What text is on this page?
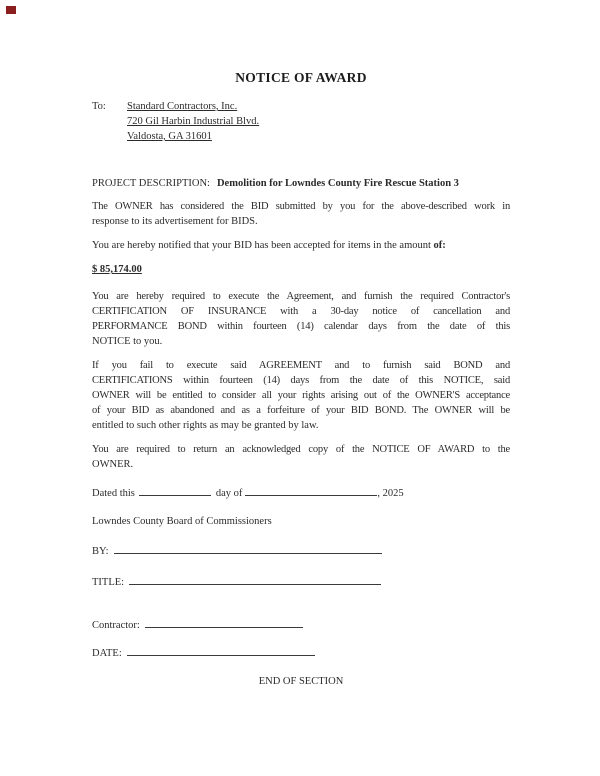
NOTICE OF AWARD
To:	Standard Contractors, Inc.
720 Gil Harbin Industrial Blvd.
Valdosta, GA 31601
PROJECT DESCRIPTION: Demolition for Lowndes County Fire Rescue Station 3
The OWNER has considered the BID submitted by you for the above-described work in
response to its advertisement for BIDS.
You are hereby notified that your BID has been accepted for items in the amount of:
$ 85,174.00
You are hereby required to execute the Agreement, and furnish the required Contractor's
CERTIFICATION OF INSURANCE with a 30-day notice of cancellation and
PERFORMANCE BOND within fourteen (14) calendar days from the date of this
NOTICE to you.
If you fail to execute said AGREEMENT and to furnish said BOND and
CERTIFICATIONS within fourteen (14) days from the date of this NOTICE, said
OWNER will be entitled to consider all your rights arising out of the OWNER'S acceptance
of your BID as abandoned and as a forfeiture of your BID BOND. The OWNER will be
entitled to such other rights as may be granted by law.
You are required to return an acknowledged copy of the NOTICE OF AWARD to the
OWNER.
Dated this	day of	, 2025
Lowndes County Board of Commissioners
BY:
TITLE:
Contractor:
DATE:
END OF SECTION
